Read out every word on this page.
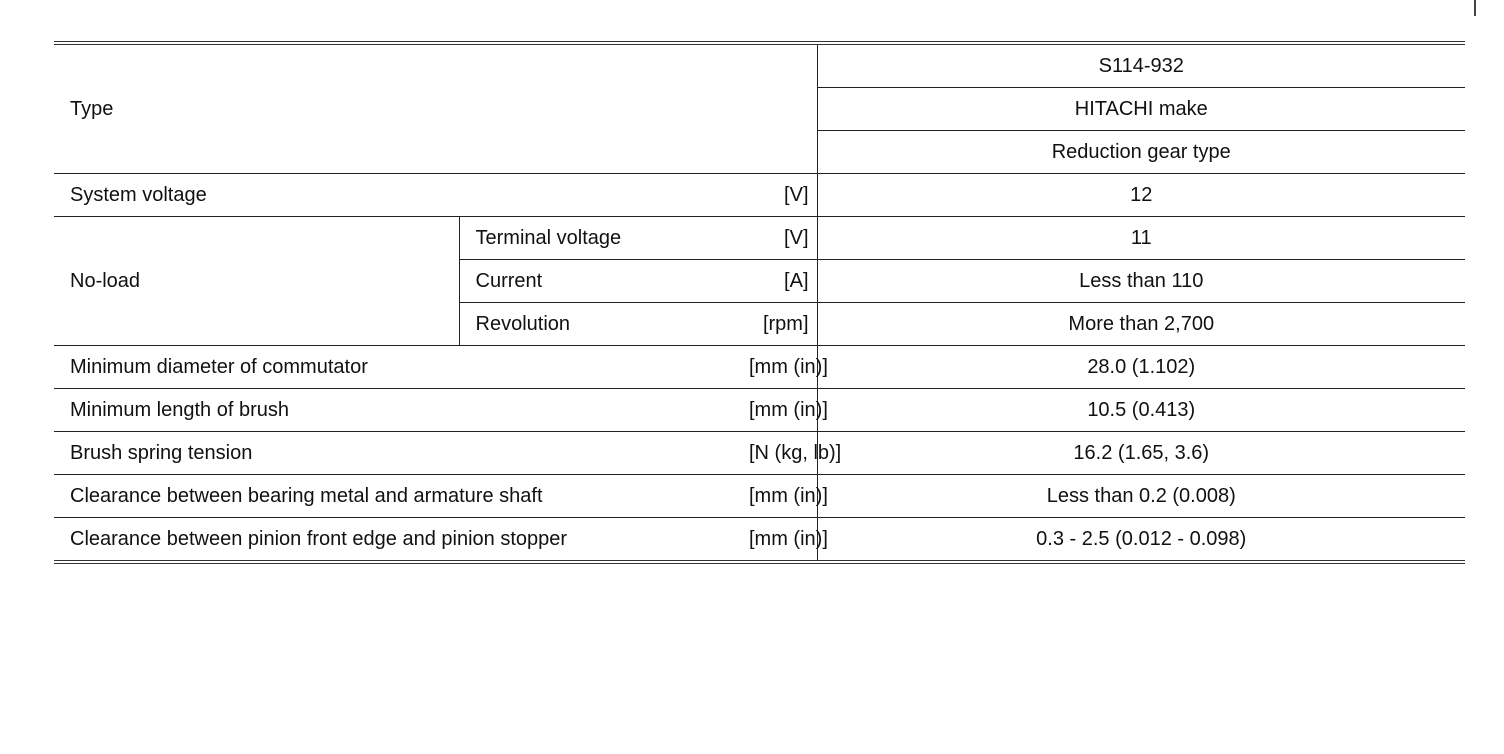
Type			S114-932
			HITACHI make
			Reduction gear type
System voltage		[V]	12
No-load	Terminal voltage	[V]	11
	Current	[A]	Less than 110
	Revolution	[rpm]	More than 2,700
Minimum diameter of commutator		[mm (in)]	28.0 (1.102)
Minimum length of brush		[mm (in)]	10.5 (0.413)
Brush spring tension		[N (kg, lb)]	16.2 (1.65, 3.6)
Clearance between bearing metal and armature shaft		[mm (in)]	Less than 0.2 (0.008)
Clearance between pinion front edge and pinion stopper		[mm (in)]	0.3 - 2.5 (0.012 - 0.098)
